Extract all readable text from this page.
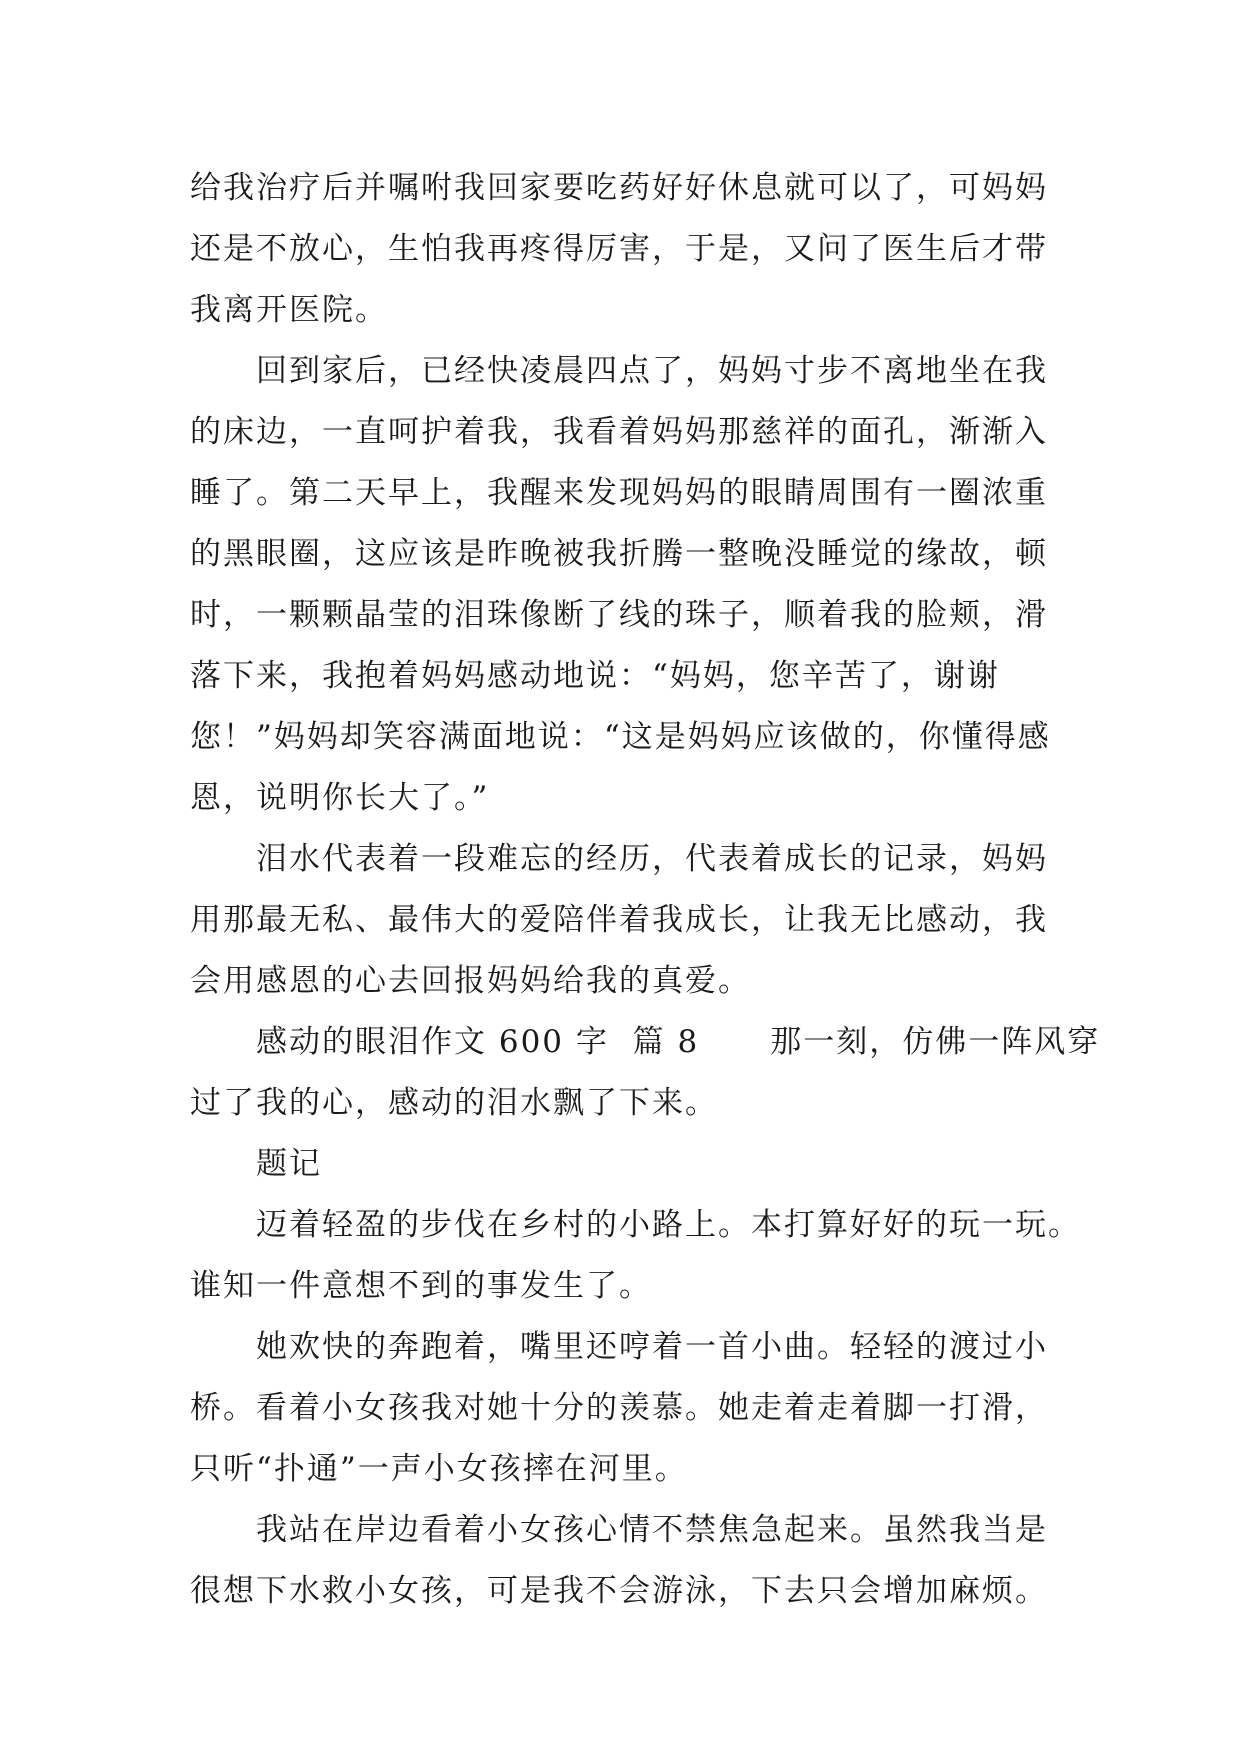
给我治疗后并嘱咐我回家要吃药好好休息就可以了，可妈妈
还是不放心，生怕我再疼得厉害，于是，又问了医生后才带
我离开医院。

回到家后，已经快凌晨四点了，妈妈寸步不离地坐在我
的床边，一直呵护着我，我看着妈妈那慈祥的面孔，渐渐入
睡了。第二天早上，我醒来发现妈妈的眼睛周围有一圈浓重
的黑眼圈，这应该是昨晚被我折腾一整晚没睡觉的缘故，顿
时，一颗颗晶莹的泪珠像断了线的珠子，顺着我的脸颊，滑
落下来，我抱着妈妈感动地说：“妈妈，您辛苦了，谢谢
您！”妈妈却笑容满面地说：“这是妈妈应该做的，你懂得感
恩，说明你长大了。”

泪水代表着一段难忘的经历，代表着成长的记录，妈妈
用那最无私、最伟大的爱陪伴着我成长，让我无比感动，我
会用感恩的心去回报妈妈给我的真爱。

感动的眼泪作文 600 字  篇 8      那一刻，仿佛一阵风穿
过了我的心，感动的泪水飘了下来。

题记

迈着轻盈的步伐在乡村的小路上。本打算好好的玩一玩。
谁知一件意想不到的事发生了。

她欢快的奔跑着，嘴里还哼着一首小曲。轻轻的渡过小
桥。看着小女孩我对她十分的羡慕。她走着走着脚一打滑，
只听“扑通”一声小女孩摔在河里。

我站在岸边看着小女孩心情不禁焦急起来。虽然我当是
很想下水救小女孩，可是我不会游泳，下去只会增加麻烦。
